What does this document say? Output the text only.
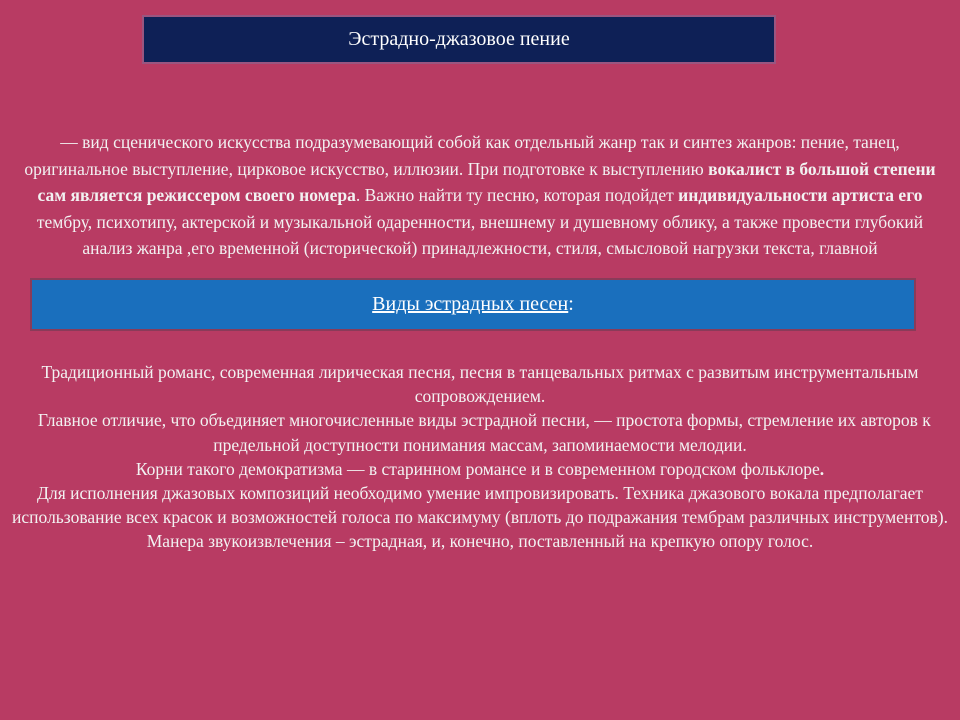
Эстрадно-джазовое пение
— вид сценического искусства подразумевающий собой как отдельный жанр так и синтез жанров: пение, танец, оригинальное выступление, цирковое искусство, иллюзии. При подготовке к выступлению вокалист в большой степени сам является режиссером своего номера. Важно найти ту песню, которая подойдет индивидуальности артиста его тембру, психотипу, актерской и музыкальной одаренности, внешнему и душевному облику, а также провести глубокий анализ жанра ,его временной (исторической) принадлежности, стиля, смысловой нагрузки текста, главной
Виды эстрадных песен:

Традиционный романс, современная лирическая песня, песня в танцевальных ритмах с развитым инструментальным сопровождением.

Главное отличие, что объединяет многочисленные виды эстрадной песни, — простота формы, стремление их авторов к предельной доступности понимания массам, запоминаемости мелодии.

Корни такого демократизма — в старинном романсе и в современном городском фольклоре.

Для исполнения джазовых композиций необходимо умение импровизировать. Техника джазового вокала предполагает использование всех красок и возможностей голоса по максимуму (вплоть до подражания тембрам различных инструментов).

Манера звукоизвлечения – эстрадная, и, конечно, поставленный на крепкую опору голос.
